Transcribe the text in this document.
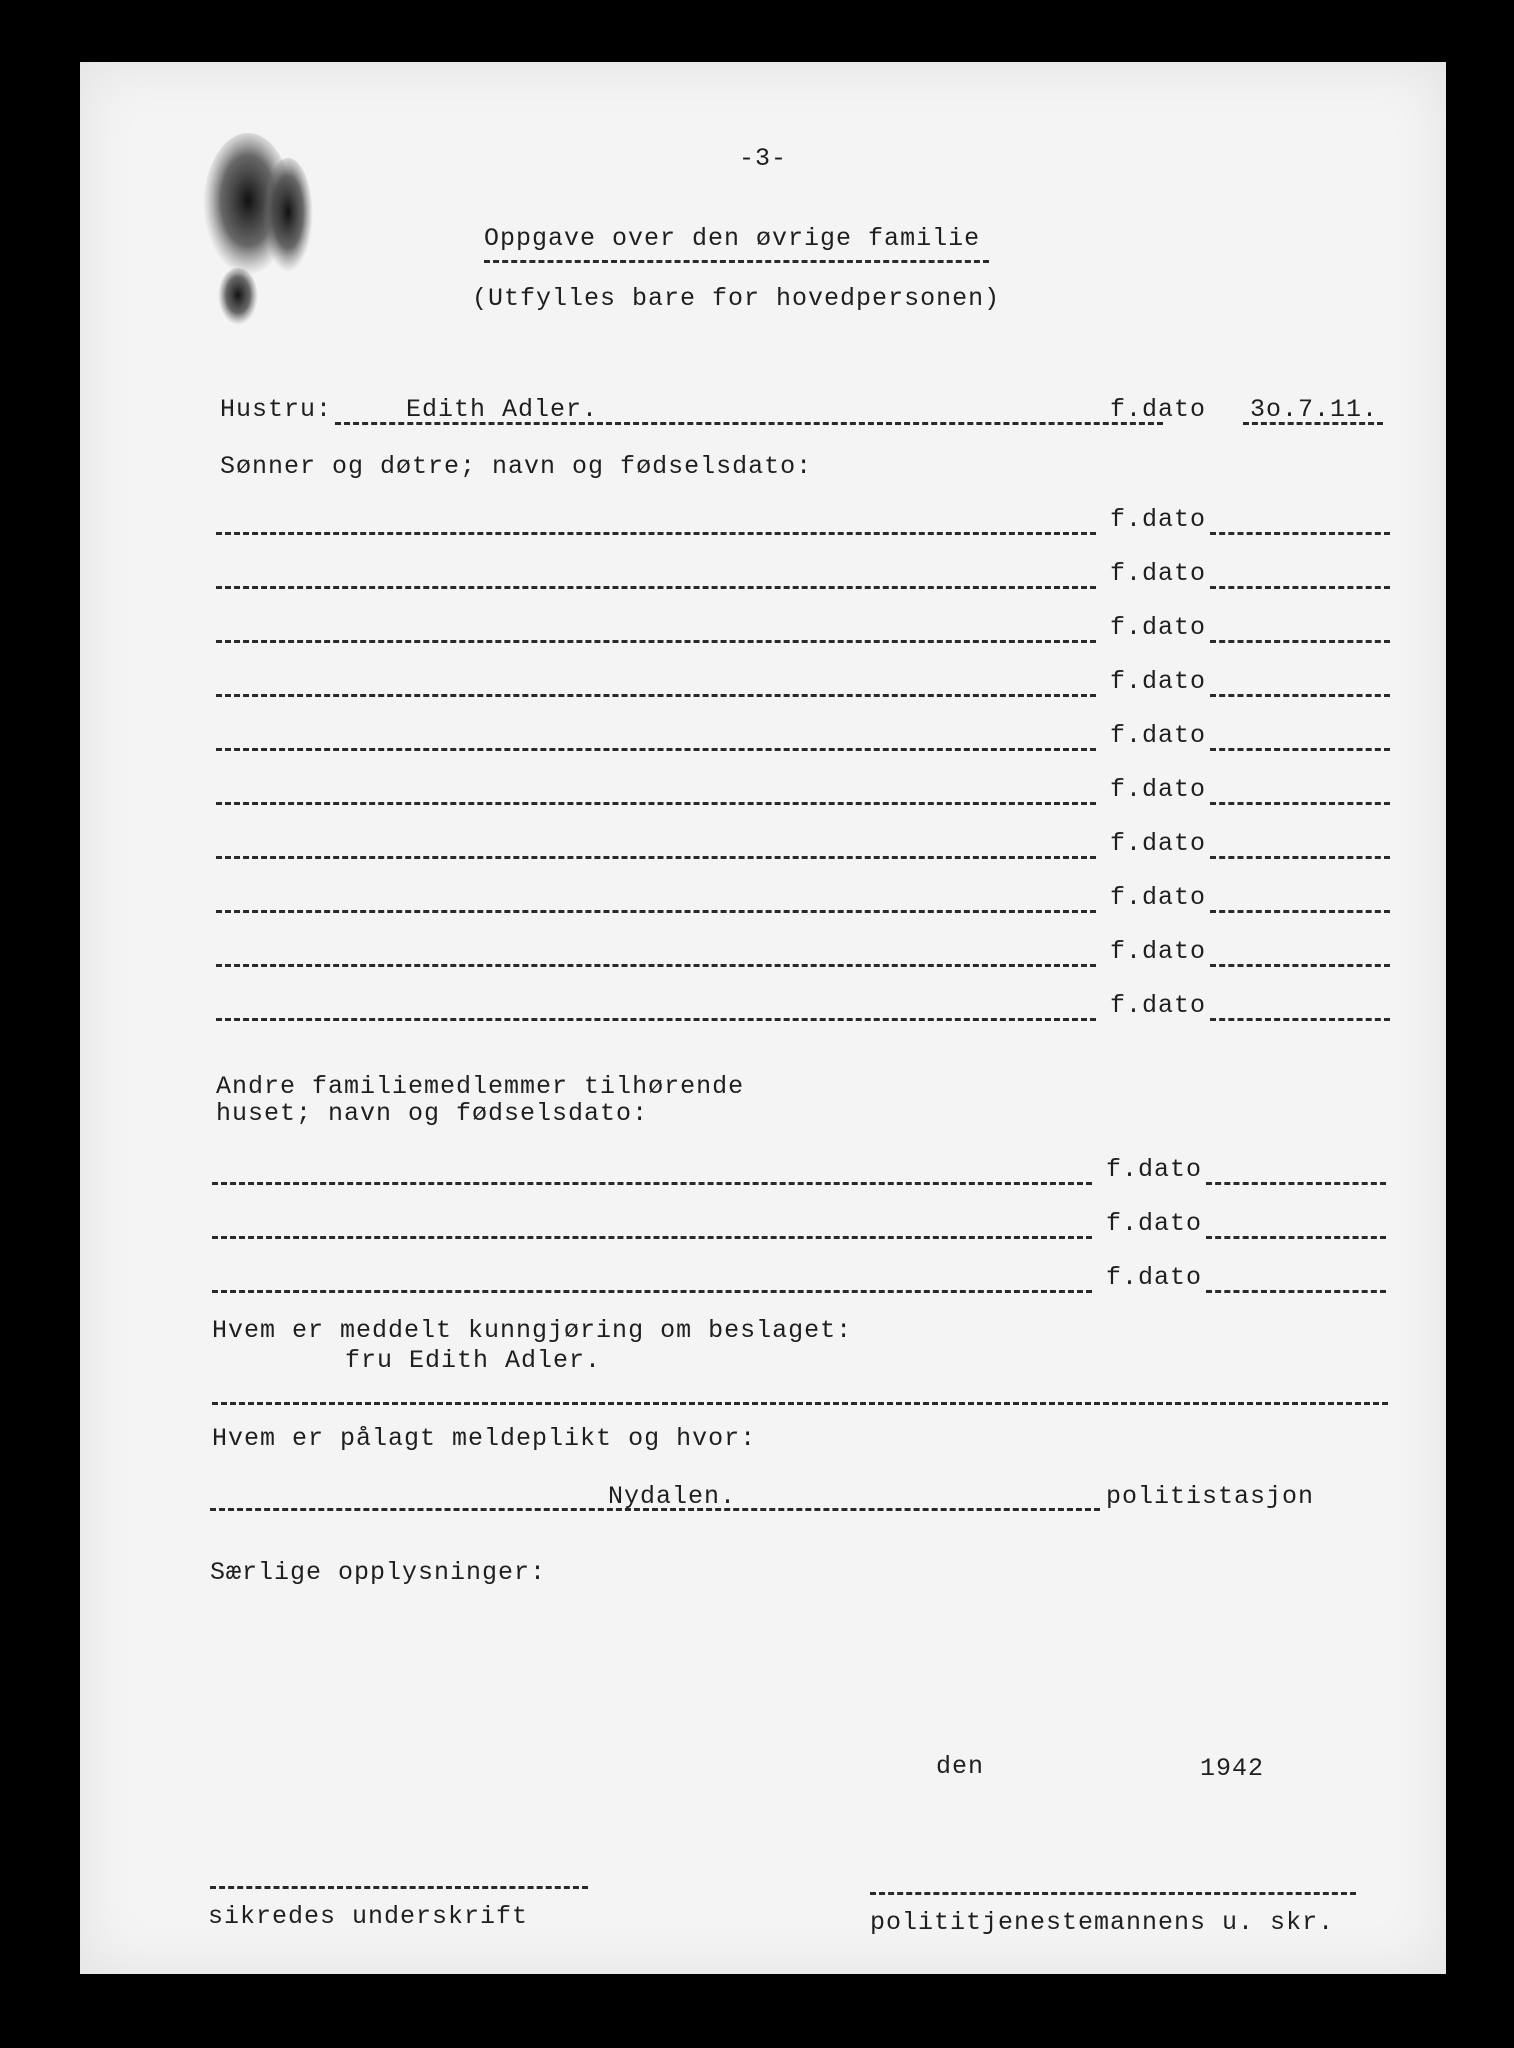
-3-
Oppgave over den øvrige familie
(Utfylles bare for hovedpersonen)
Hustru:	Edith Adler.	f.dato 3o.7.11.
Sønner og døtre; navn og fødselsdato:
f.dato
f.dato
f.dato
f.dato
f.dato
f.dato
f.dato
f.dato
f.dato
f.dato
Andre familiemedlemmer tilhørende
huset; navn og fødselsdato:
f.dato
f.dato
f.dato
Hvem er meddelt kunngjøring om beslaget:
fru Edith Adler.
Hvem er pålagt meldeplikt og hvor:
Nydalen.	politistasjon
Særlige opplysninger:
den	1942
sikredes underskrift	polititjenestemannens u. skr.
